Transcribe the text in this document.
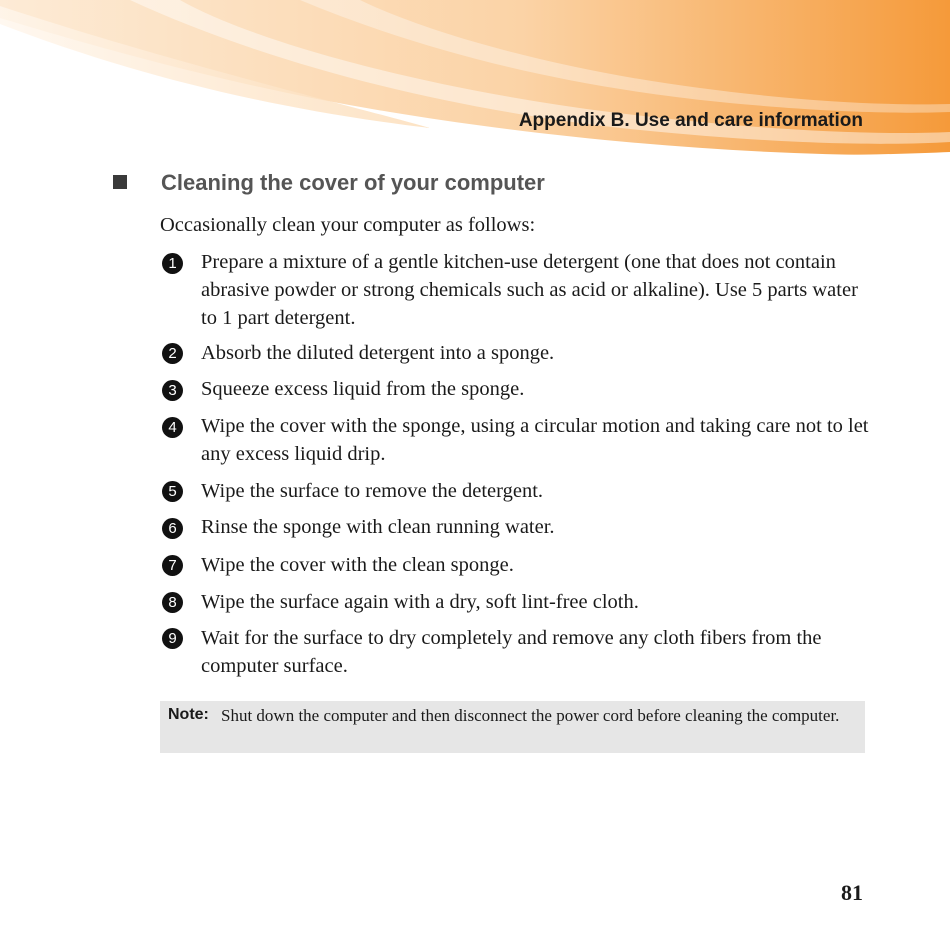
Appendix B. Use and care information
Cleaning the cover of your computer
Occasionally clean your computer as follows:
1	Prepare a mixture of a gentle kitchen-use detergent (one that does not contain abrasive powder or strong chemicals such as acid or alkaline). Use 5 parts water to 1 part detergent.

2	Absorb the diluted detergent into a sponge.

3	Squeeze excess liquid from the sponge.

4	Wipe the cover with the sponge, using a circular motion and taking care not to let any excess liquid drip.

5	Wipe the surface to remove the detergent.

6	Rinse the sponge with clean running water.

7	Wipe the cover with the clean sponge.

8	Wipe the surface again with a dry, soft lint-free cloth.

9	Wait for the surface to dry completely and remove any cloth fibers from the computer surface.

Note: Shut down the computer and then disconnect the power cord before cleaning the computer.

81
